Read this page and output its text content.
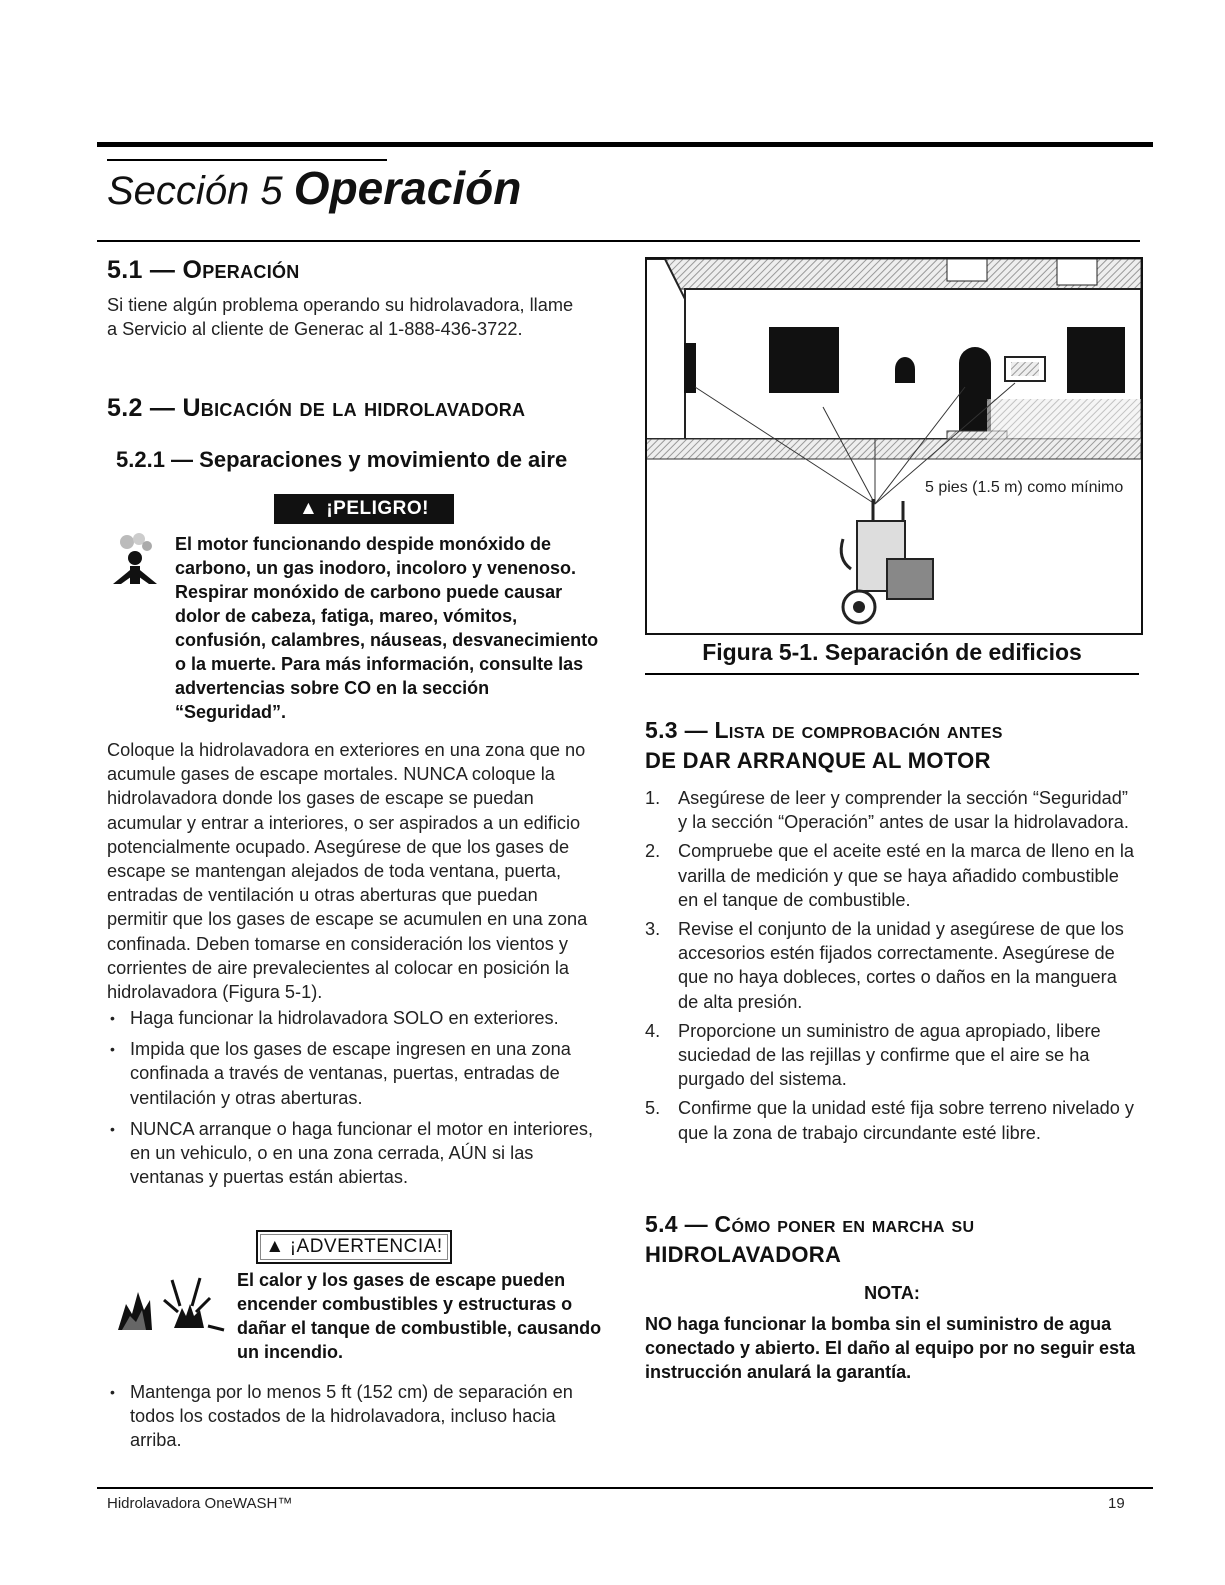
Sección 5 Operación
5.1 — Operación
Si tiene algún problema operando su hidrolavadora, llame a Servicio al cliente de Generac al 1-888-436-3722.
5.2 — Ubicación de la hidrolavadora
5.2.1 — Separaciones y movimiento de aire
▲ ¡PELIGRO!
El motor funcionando despide monóxido de carbono, un gas inodoro, incoloro y venenoso. Respirar monóxido de carbono puede causar dolor de cabeza, fatiga, mareo, vómitos, confusión, calambres, náuseas, desvanecimiento o la muerte. Para más información, consulte las advertencias sobre CO en la sección “Seguridad”.
Coloque la hidrolavadora en exteriores en una zona que no acumule gases de escape mortales. NUNCA coloque la hidrolavadora donde los gases de escape se puedan acumular y entrar a interiores, o ser aspirados a un edificio potencialmente ocupado. Asegúrese de que los gases de escape se mantengan alejados de toda ventana, puerta, entradas de ventilación u otras aberturas que puedan permitir que los gases de escape se acumulen en una zona confinada. Deben tomarse en consideración los vientos y corrientes de aire prevalecientes al colocar en posición la hidrolavadora (Figura 5-1).
• Haga funcionar la hidrolavadora SOLO en exteriores.
• Impida que los gases de escape ingresen en una zona confinada a través de ventanas, puertas, entradas de ventilación y otras aberturas.
• NUNCA arranque o haga funcionar el motor en interiores, en un vehiculo, o en una zona cerrada, AÚN si las ventanas y puertas están abiertas.
▲ ¡ADVERTENCIA!
El calor y los gases de escape pueden encender combustibles y estructuras o dañar el tanque de combustible, causando un incendio.
• Mantenga por lo menos 5 ft (152 cm) de separación en todos los costados de la hidrolavadora, incluso hacia arriba.
5 pies (1.5 m) como mínimo
Figura 5-1. Separación de edificios
5.3 — Lista de comprobación antes
DE DAR ARRANQUE AL MOTOR
1. Asegúrese de leer y comprender la sección “Seguridad” y la sección “Operación” antes de usar la hidrolavadora.
2. Compruebe que el aceite esté en la marca de lleno en la varilla de medición y que se haya añadido combustible en el tanque de combustible.
3. Revise el conjunto de la unidad y asegúrese de que los accesorios estén fijados correctamente. Asegúrese de que no haya dobleces, cortes o daños en la manguera de alta presión.
4. Proporcione un suministro de agua apropiado, libere suciedad de las rejillas y confirme que el aire se ha purgado del sistema.
5. Confirme que la unidad esté fija sobre terreno nivelado y que la zona de trabajo circundante esté libre.
5.4 — Cómo poner en marcha su
HIDROLAVADORA
NOTA:
NO haga funcionar la bomba sin el suministro de agua conectado y abierto. El daño al equipo por no seguir esta instrucción anulará la garantía.
Hidrolavadora OneWASH™	19
